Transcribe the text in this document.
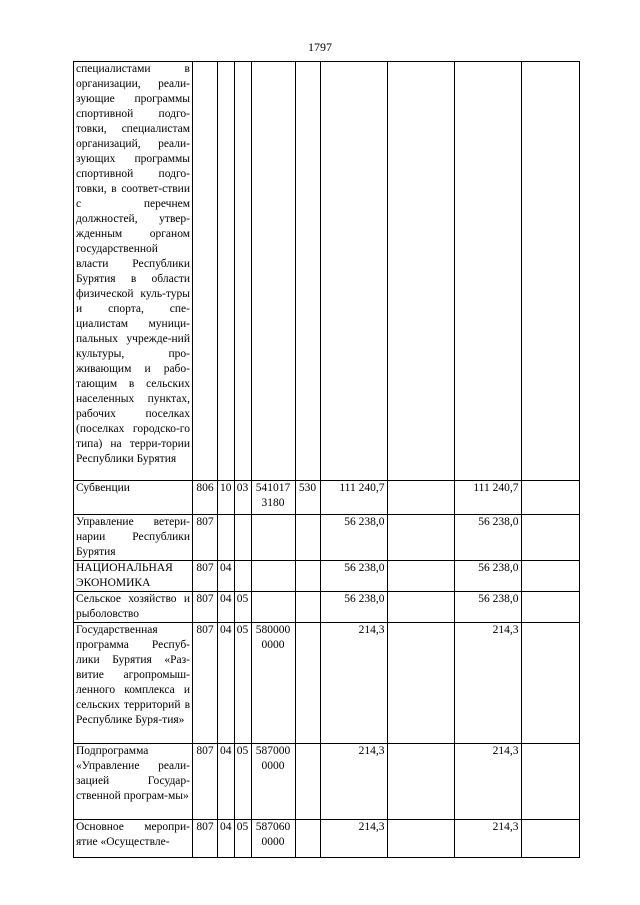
1797
специалистами в организации, реали-зующие программы спортивной подго-товки, специалистам организаций, реали-зующих программы спортивной подго-товки, в соответ-ствии с перечнем должностей, утвер-жденным органом государственной власти Республики Бурятия в области физической куль-туры и спорта, спе-циалистам муници-пальных учрежде-ний культуры, про-живающим и рабо-тающим в сельских населенных пунктах, рабочих поселках (поселках городско-го типа) на терри-тории Республики Бурятия									
Субвенции	806	10	03	5410173180	530	111 240,7		111 240,7	
Управление ветери-нарии Республики Бурятия	807					56 238,0		56 238,0	
НАЦИОНАЛЬНАЯ ЭКОНОМИКА	807	04				56 238,0		56 238,0	
Сельское хозяйство и рыболовство	807	04	05			56 238,0		56 238,0	
Государственная программа Респуб-лики Бурятия «Раз-витие агропромыш-ленного комплекса и сельских территорий в Республике Буря-тия»	807	04	05	5800000000		214,3		214,3	
Подпрограмма «Управление реали-зацией Государ-ственной програм-мы»	807	04	05	5870000000		214,3		214,3	
Основное меропри-ятие «Осуществле-	807	04	05	5870600000		214,3		214,3	
